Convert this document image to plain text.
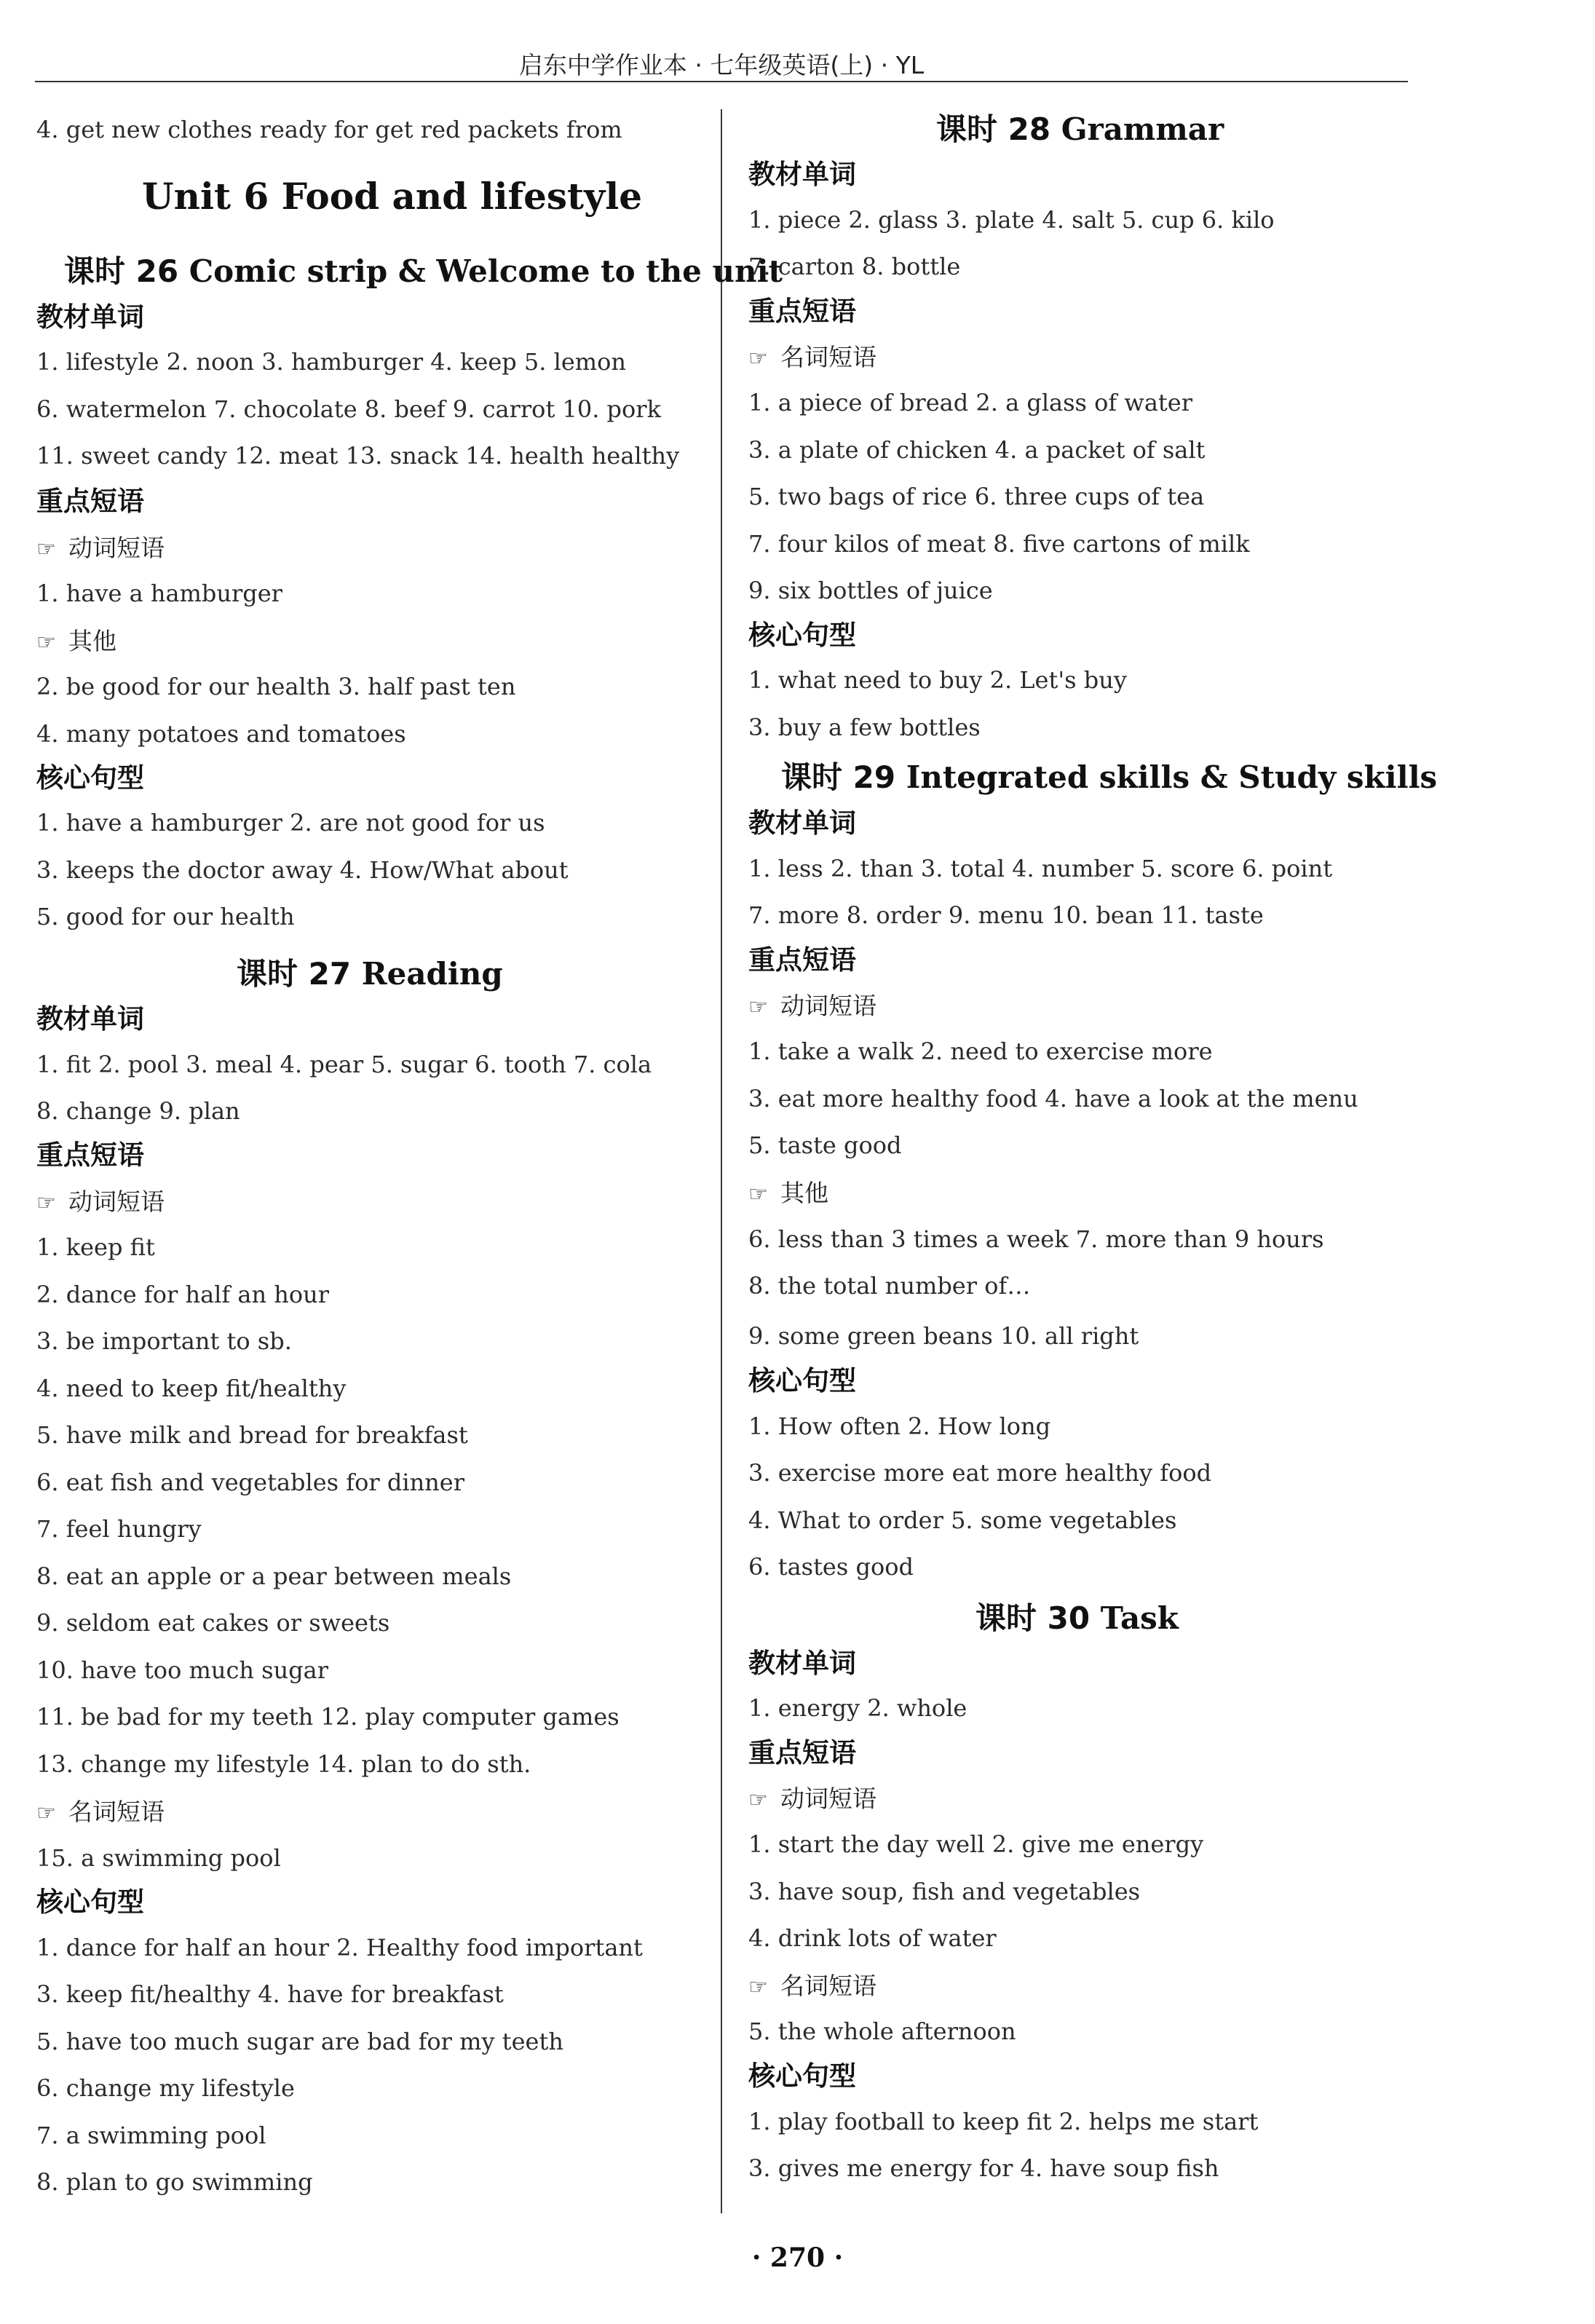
启东中学作业本 · 七年级英语(上) · YL
4. get new clothes ready for get red packets from
Unit 6 Food and lifestyle
课时 26 Comic strip & Welcome to the unit
教材单词
1. lifestyle 2. noon 3. hamburger 4. keep 5. lemon
6. watermelon 7. chocolate 8. beef 9. carrot 10. pork
11. sweet candy 12. meat 13. snack 14. health healthy
重点短语
☞ 动词短语
1. have a hamburger
☞ 其他
2. be good for our health 3. half past ten
4. many potatoes and tomatoes
核心句型
1. have a hamburger 2. are not good for us
3. keeps the doctor away 4. How/What about
5. good for our health
课时 27 Reading
教材单词
1. fit 2. pool 3. meal 4. pear 5. sugar 6. tooth 7. cola
8. change 9. plan
重点短语
☞ 动词短语
1. keep fit
2. dance for half an hour
3. be important to sb.
4. need to keep fit/healthy
5. have milk and bread for breakfast
6. eat fish and vegetables for dinner
7. feel hungry
8. eat an apple or a pear between meals
9. seldom eat cakes or sweets
10. have too much sugar
11. be bad for my teeth 12. play computer games
13. change my lifestyle 14. plan to do sth.
☞ 名词短语
15. a swimming pool
核心句型
1. dance for half an hour 2. Healthy food important
3. keep fit/healthy 4. have for breakfast
5. have too much sugar are bad for my teeth
6. change my lifestyle
7. a swimming pool
8. plan to go swimming
课时 28 Grammar
教材单词
1. piece 2. glass 3. plate 4. salt 5. cup 6. kilo
7. carton 8. bottle
重点短语
☞ 名词短语
1. a piece of bread 2. a glass of water
3. a plate of chicken 4. a packet of salt
5. two bags of rice 6. three cups of tea
7. four kilos of meat 8. five cartons of milk
9. six bottles of juice
核心句型
1. what need to buy 2. Let's buy
3. buy a few bottles
课时 29 Integrated skills & Study skills
教材单词
1. less 2. than 3. total 4. number 5. score 6. point
7. more 8. order 9. menu 10. bean 11. taste
重点短语
☞ 动词短语
1. take a walk 2. need to exercise more
3. eat more healthy food 4. have a look at the menu
5. taste good
☞ 其他
6. less than 3 times a week 7. more than 9 hours
8. the total number of…
9. some green beans 10. all right
核心句型
1. How often 2. How long
3. exercise more eat more healthy food
4. What to order 5. some vegetables
6. tastes good
课时 30 Task
教材单词
1. energy 2. whole
重点短语
☞ 动词短语
1. start the day well 2. give me energy
3. have soup, fish and vegetables
4. drink lots of water
☞ 名词短语
5. the whole afternoon
核心句型
1. play football to keep fit 2. helps me start
3. gives me energy for 4. have soup fish
· 270 ·
